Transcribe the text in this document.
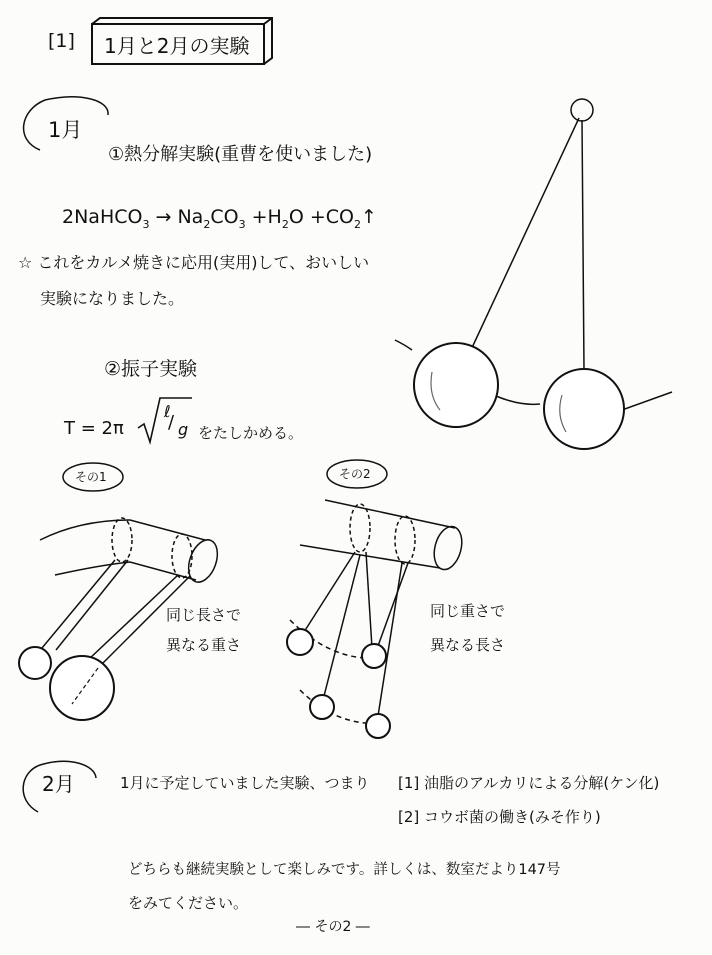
[1] 1月と2月の実験
1月
①熱分解実験(重曹を使いました)
2NaHCO$_3$ → $Na_2CO_3 +H_2O$ $+CO_2↑$
☆ これをカルメ焼きに応用(実用)して、おいしい
実験になりました。
②振子実験
T = 2π
ℓ
/ g をたしかめる。
その1	その2
同じ長さで
異なる重さ
同じ重さで
異なる長さ
2月	1月に予定していました実験、つまり [1] 油脂のアルカリによる分解(ケン化)
[2] コウボ菌の働き(みそ作り)
どちらも継続実験として楽しみです。詳しくは、数室だより147号
をみてください。
― その2 ―
